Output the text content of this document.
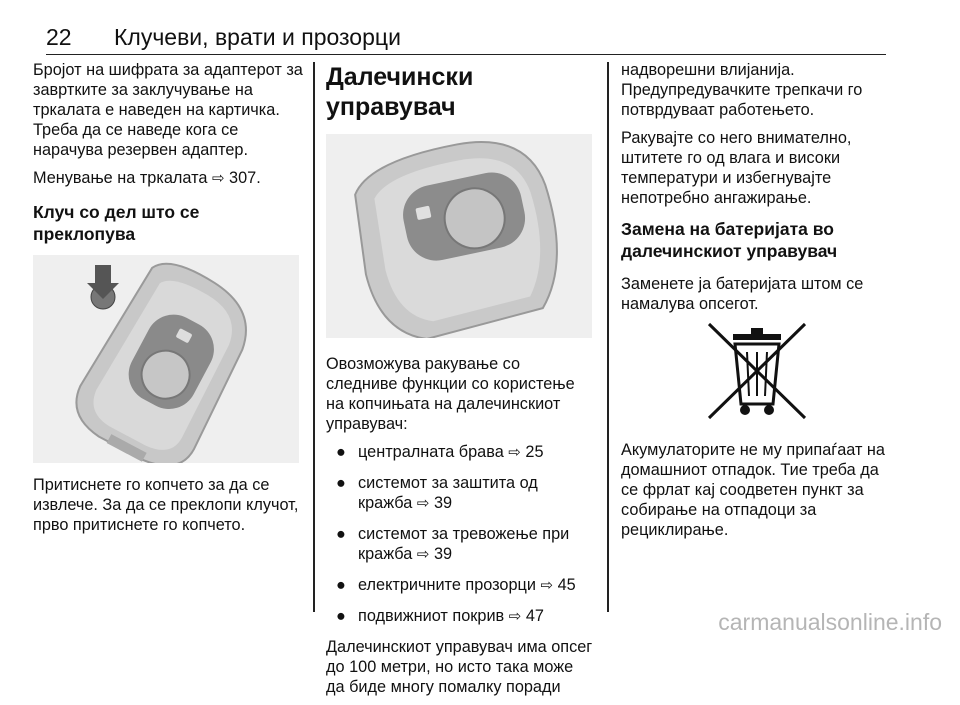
22 Клучеви, врати и прозорци

Бројот на шифрата за адаптерот за завртките за заклучување на тркалата е наведен на картичка. Треба да се наведе кога се нарачува резервен адаптер.

Менување на тркалата ⇨ 307.

Клуч со дел што се преклопува

Притиснете го копчето за да се извлече. За да се преклопи клучот, прво притиснете го копчето.

Далечински управувач

Овозможува ракување со следниве функции со користење на копчињата на далечинскиот управувач:

● централната брава ⇨ 25
● системот за заштита од кражба ⇨ 39
● системот за тревожење при кражба ⇨ 39
● електричните прозорци ⇨ 45
● подвижниот покрив ⇨ 47

Далечинскиот управувач има опсег до 100 метри, но исто така може да биде многу помалку поради

надворешни влијанија. Предупредувачките трепкачи го потврдуваат работењето.

Ракувајте со него внимателно, штитете го од влага и високи температури и избегнувајте непотребно ангажирање.

Замена на батеријата во далечинскиот управувач

Заменете ја батеријата штом се намалува опсегот.

Акумулаторите не му припаѓаат на домашниот отпадок. Тие треба да се фрлат кај соодветен пункт за собирање на отпадоци за рециклирање.

carmanualsonline.info
